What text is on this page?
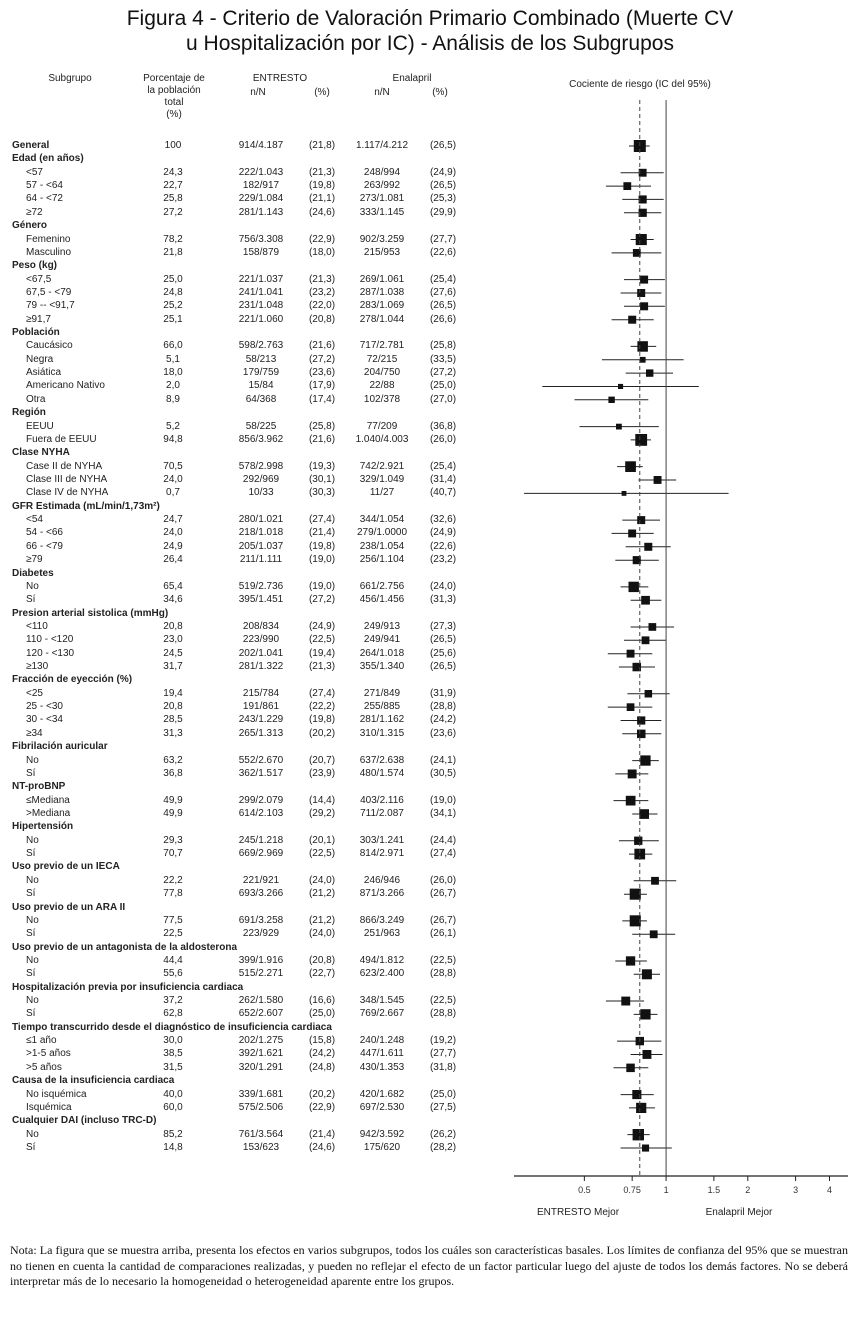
Figura 4 - Criterio de Valoración Primario Combinado (Muerte CV
u Hospitalización por IC) - Análisis de los Subgrupos
Subgrupo	Porcentaje de
la población
total
(%)
ENTRESTO	Enalapril
n/N	(%)	n/N	(%)
Cociente de riesgo (IC del 95%)
General	100	914/4.187	(21,8)	1.117/4.212	(26,5)
Edad (en años)
<57	24,3	222/1.043	(21,3)	248/994	(24,9)
57 - <64	22,7	182/917	(19,8)	263/992	(26,5)
64 - <72	25,8	229/1.084	(21,1)	273/1.081	(25,3)
≥72	27,2	281/1.143	(24,6)	333/1.145	(29,9)
Género
Femenino	78,2	756/3.308	(22,9)	902/3.259	(27,7)
Masculino	21,8	158/879	(18,0)	215/953	(22,6)
Peso (kg)
<67,5	25,0	221/1.037	(21,3)	269/1.061	(25,4)
67,5 - <79	24,8	241/1.041	(23,2)	287/1.038	(27,6)
79 -- <91,7	25,2	231/1.048	(22,0)	283/1.069	(26,5)
≥91,7	25,1	221/1.060	(20,8)	278/1.044	(26,6)
Población
Caucásico	66,0	598/2.763	(21,6)	717/2.781	(25,8)
Negra	5,1	58/213	(27,2)	72/215	(33,5)
Asiática	18,0	179/759	(23,6)	204/750	(27,2)
Americano Nativo	2,0	15/84	(17,9)	22/88	(25,0)
Otra	8,9	64/368	(17,4)	102/378	(27,0)
Región
EEUU	5,2	58/225	(25,8)	77/209	(36,8)
Fuera de EEUU	94,8	856/3.962	(21,6)	1.040/4.003	(26,0)
Clase NYHA
Case II de NYHA	70,5	578/2.998	(19,3)	742/2.921	(25,4)
Clase III de NYHA	24,0	292/969	(30,1)	329/1.049	(31,4)
Clase IV de NYHA	0,7	10/33	(30,3)	11/27	(40,7)
GFR Estimada (mL/min/1,73m²)
<54	24,7	280/1.021	(27,4)	344/1.054	(32,6)
54 - <66	24,0	218/1.018	(21,4)	279/1.0000	(24,9)
66 - <79	24,9	205/1.037	(19,8)	238/1.054	(22,6)
≥79	26,4	211/1.111	(19,0)	256/1.104	(23,2)
Diabetes
No	65,4	519/2.736	(19,0)	661/2.756	(24,0)
Sí	34,6	395/1.451	(27,2)	456/1.456	(31,3)
Presion arterial sistolica (mmHg)
<110	20,8	208/834	(24,9)	249/913	(27,3)
110 - <120	23,0	223/990	(22,5)	249/941	(26,5)
120 - <130	24,5	202/1.041	(19,4)	264/1.018	(25,6)
≥130	31,7	281/1.322	(21,3)	355/1.340	(26,5)
Fracción de eyección (%)
<25	19,4	215/784	(27,4)	271/849	(31,9)
25 - <30	20,8	191/861	(22,2)	255/885	(28,8)
30 - <34	28,5	243/1.229	(19,8)	281/1.162	(24,2)
≥34	31,3	265/1.313	(20,2)	310/1.315	(23,6)
Fibrilación auricular
No	63,2	552/2.670	(20,7)	637/2.638	(24,1)
Sí	36,8	362/1.517	(23,9)	480/1.574	(30,5)
NT-proBNP
≤Mediana	49,9	299/2.079	(14,4)	403/2.116	(19,0)
>Mediana	49,9	614/2.103	(29,2)	711/2.087	(34,1)
Hipertensión
No	29,3	245/1.218	(20,1)	303/1.241	(24,4)
Sí	70,7	669/2.969	(22,5)	814/2.971	(27,4)
Uso previo de un IECA
No	22,2	221/921	(24,0)	246/946	(26,0)
Sí	77,8	693/3.266	(21,2)	871/3.266	(26,7)
Uso previo de un ARA II
No	77,5	691/3.258	(21,2)	866/3.249	(26,7)
Sí	22,5	223/929	(24,0)	251/963	(26,1)
Uso previo de un antagonista de la aldosterona
No	44,4	399/1.916	(20,8)	494/1.812	(22,5)
Sí	55,6	515/2.271	(22,7)	623/2.400	(28,8)
Hospitalización previa por insuficiencia cardiaca
No	37,2	262/1.580	(16,6)	348/1.545	(22,5)
Sí	62,8	652/2.607	(25,0)	769/2.667	(28,8)
Tiempo transcurrido desde el diagnóstico de insuficiencia cardiaca
≤1 año	30,0	202/1.275	(15,8)	240/1.248	(19,2)
>1-5 años	38,5	392/1.621	(24,2)	447/1.611	(27,7)
>5 años	31,5	320/1.291	(24,8)	430/1.353	(31,8)
Causa de la insuficiencia cardiaca
No isquémica	40,0	339/1.681	(20,2)	420/1.682	(25,0)
Isquémica	60,0	575/2.506	(22,9)	697/2.530	(27,5)
Cualquier DAI (incluso TRC-D)
No	85,2	761/3.564	(21,4)	942/3.592	(26,2)
Sí	14,8	153/623	(24,6)	175/620	(28,2)
0.5	0.75	1	1.5	2	3	4
ENTRESTO Mejor	Enalapril Mejor
Nota: La figura que se muestra arriba, presenta los efectos en varios subgrupos, todos los cuáles son características basales. Los límites de confianza del 95% que se muestran no tienen en cuenta la cantidad de comparaciones realizadas, y pueden no reflejar el efecto de un factor particular luego del ajuste de todos los demás factores. No se deberá interpretar más de lo necesario la homogeneidad o heterogeneidad aparente entre los grupos.
